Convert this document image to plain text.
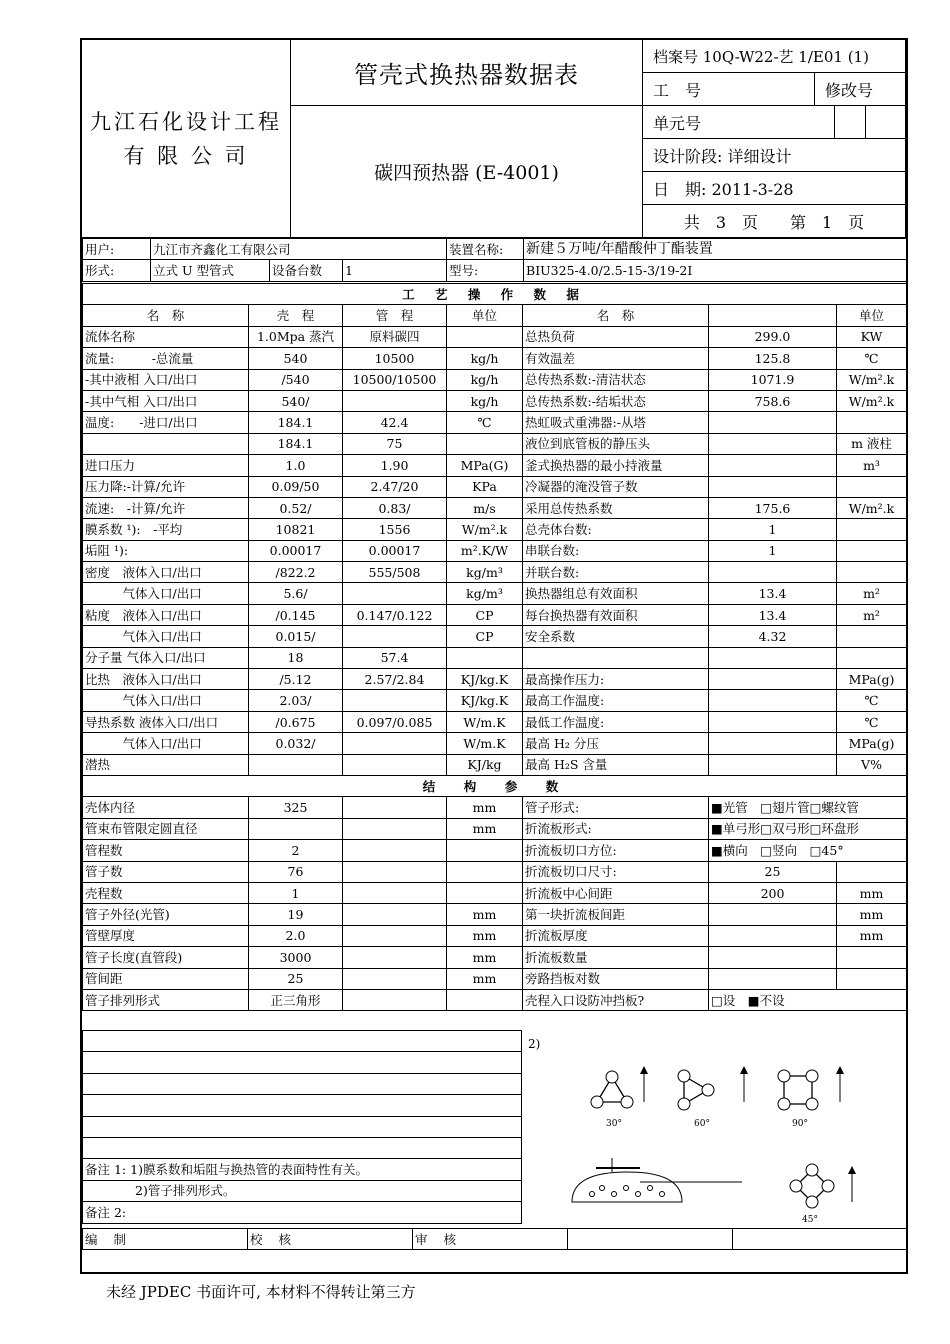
九江石化设计工程
有 限 公 司
管壳式换热器数据表
碳四预热器 (E-4001)
档案号 10Q-W22-艺 1/E01 (1)
工　号	修改号
单元号
设计阶段: 详细设计
日　期: 2011-3-28
共　3　页　　第　1　页
用户:	九江市齐鑫化工有限公司			装置名称:	新建５万吨/年醋酸仲丁酯装置
形式:	立式 U 型管式	设备台数	1	型号:	BIU325-4.0/2.5-15-3/19-2I
工 艺 操 作 数 据						
名　称	壳　程	管　程	单位	名　称		单位
流体名称	1.0Mpa 蒸汽	原料碳四		总热负荷	299.0	KW
流量:　　　-总流量	540	10500	kg/h	有效温差	125.8	℃
-其中液相 入口/出口	/540	10500/10500	kg/h	总传热系数:-清洁状态	1071.9	W/m².k
-其中气相 入口/出口	540/		kg/h	总传热系数:-结垢状态	758.6	W/m².k
温度:　　-进口/出口	184.1	42.4	℃	热虹吸式重沸器:-从塔		
	184.1	75		液位到底管板的静压头		m 液柱
进口压力	1.0	1.90	MPa(G)	釜式换热器的最小持液量		m³
压力降:-计算/允许	0.09/50	2.47/20	KPa	冷凝器的淹没管子数		
流速:　-计算/允许	0.52/	0.83/	m/s	采用总传热系数	175.6	W/m².k
膜系数 ¹):　-平均	10821	1556	W/m².k	总壳体台数:	1	
垢阻 ¹):	0.00017	0.00017	m².K/W	串联台数:	1	
密度　液体入口/出口	/822.2	555/508	kg/m³	并联台数:		
　　　气体入口/出口	5.6/		kg/m³	换热器组总有效面积	13.4	m²
粘度　液体入口/出口	/0.145	0.147/0.122	CP	每台换热器有效面积	13.4	m²
　　　气体入口/出口	0.015/		CP	安全系数	4.32	
分子量 气体入口/出口	18	57.4				
比热　液体入口/出口	/5.12	2.57/2.84	KJ/kg.K	最高操作压力:		MPa(g)
　　　气体入口/出口	2.03/		KJ/kg.K	最高工作温度:		℃
导热系数 液体入口/出口	/0.675	0.097/0.085	W/m.K	最低工作温度:		℃
　　　气体入口/出口	0.032/		W/m.K	最高 H₂ 分压		MPa(g)
潜热			KJ/kg	最高 H₂S 含量		V%
结　构　参　数						
壳体内径	325		mm	管子形式:	■光管　□翅片管□螺纹管	
管束布管限定圆直径			mm	折流板形式:	■单弓形□双弓形□环盘形	
管程数	2			折流板切口方位:	■横向　□竖向　□45°	
管子数	76			折流板切口尺寸:	25	
壳程数	1			折流板中心间距	200	mm
管子外径(光管)	19		mm	第一块折流板间距		mm
管壁厚度	2.0		mm	折流板厚度		mm
管子长度(直管段)	3000		mm	折流板数量		
管间距	25		mm	旁路挡板对数		
管子排列形式	正三角形			壳程入口设防冲挡板?	□设　■不设	

备注 1: 1)膜系数和垢阻与换热管的表面特性有关。
　　　　2)管子排列形式。
备注 2:
2)
30°	60°	90°
45°
编 制	校 核	审 核		
未经 JPDEC 书面许可, 本材料不得转让第三方
